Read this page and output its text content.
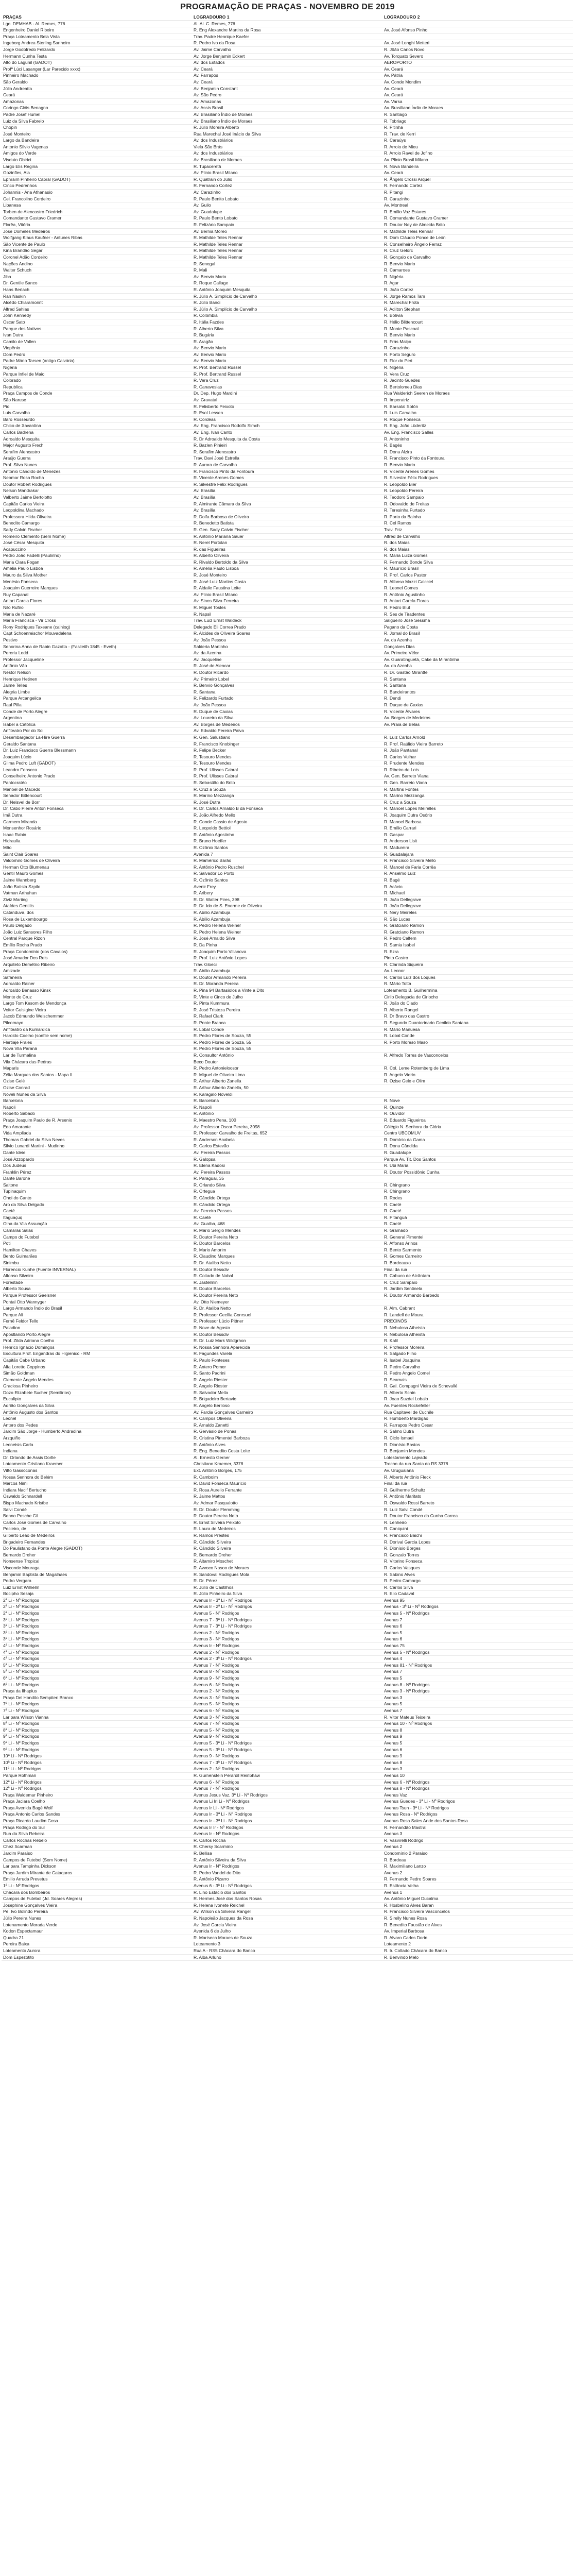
PROGRAMAÇÃO DE PRAÇAS - NOVEMBRO DE 2019
PRAÇAS	LOGRADOURO 1	LOGRADOURO 2
Lgo. DEMHAB - Al. Remes, 776	Al. Al. C. Remes, 776	
Engenheiro Daniel Ribeiro	R. Eng Alexandre Martins da Rosa	Av. José Afonso Pinho
Praça Loteamento Bela Vista	Trav. Padre Henrique Kaefer	
Ingeborg Andrea Sterling Sanheiro	R. Pedro Ivo da Rosa	Av. José Longhi Metteri
Jorge Godofredo Felizardo	Av. Jaime Carvalho	R. Jõão Carlos Novo
Hermann Cunha Testa	Av. Jorge Benjamin Eckert	Av. Torquato Severo
Alto do Lagunil (GADOT)	Av. dos Estados	AEROPORTO
Profª Lúci Lasanger (Lar Parecido xxxx)	Av. Ceará	Av. Ceará
Pinheiro Machado	Av. Farrapos	Av. Pátria
São Geraldo	Av. Ceará	Av. Conde Mondim
Júlio Andreatta	Av. Benjamin Constant	Av. Ceará
Ceará	Av. São Pedro	Av. Ceará
Amazonas	Av. Amazonas	Av. Varsa
Coringo Clóis Benagno	Av. Assis Brasil	Av. Brasiliano Índio de Moraes
Padre Josef Humel	Av. Brasiliano Índio de Moraes	R. Santiago
Luiz da Silva Fabrelo	Av. Brasiliano Índio de Moraes	R. Tobriago
Chopin	R. Júlio Moreira Alberto	R. Pitinha
José Monteiro	Rua Marechal José Inácio da Silva	R. Trav. de Kerri
Largo da Bandeira	Av. dos Industriários	R. Caraúys
Antonio Sílvio Vagenas	Viela São Brás	R. Arroio de Mieu
Amigos do Verde	Av. dos Industriários	R. Arroio Ravel de Jofino
Visduto Obirici	Av. Brasiliano de Moraes	Av. Plinio Brasil Milano
Largo Elis Regina	R. Tupaceretã	R. Nova Bandeira
Gozinfles, Ala	Av. Plinio Brasil Milano	Av. Ceará
Ephraim Pinheiro Cabral (GADOT)	R. Quatrain do Júlio	R. Ângelo Crossi Arquel
Cinco Pedrenhos	R. Fernando Cortez	R. Fernando Cortez
Johannis - Ana Athanasio	Av. Carazinho	R. Pitangi
Cel. Francolino Cordeiro	R. Paulo Benito Lobato	R. Carazinho
Libanesa	Av. Guilo	Av. Montreal
Torben de Alencastro Friedrich	Av. Guadalupe	R. Emílio Vaz Estares
Comandante Gustavo Cramer	R. Paulo Bento Lobato	R. Comandante Gustavo Cramer
Florêa, Vitória	R. Felizário Sampaio	R. Doutor Ney de Almeida Brito
José Domeles Medeiros	Av. Bernia Moreo	R. Mathilde Teles Rennar
Wolfgang Klaus Kaufner - Antunes Ribas	R. Mathilde Teles Rennar	R. Dom Cláudio Ponce de León
São Vicente de Paulo	R. Mathilde Teles Rennar	R. Conselheiro Ângelo Ferraz
Kina Brandão Segar	R. Mathilde Teles Rennar	R. Cruz Gelorc
Coronel Adão Cordeiro	R. Mathilde Teles Rennar	R. Gonçalo de Carvalho
Nações Andino	R. Senegal	R. Benvio Mario
Walter Schuch	R. Mali	R. Camaroes
Jiba	Av. Benvio Mario	R. Nigéria
Dr. Gentile Sanco	R. Roque Callage	R. Agar
Hans Berlach	R. Antônio Joaquim Mesquita	R. João Cortez
Ran Naskin	R. Júlio A. Simplício de Carvalho	R. Jorge Ramos Tam
Alcêdo Chiaramonnt	R. Júlio Banci	R. Marechal Frota
Alfred Sahlas	R. Júlio A. Simplício de Carvalho	R. Adilton Stephan
John Kennedy	R. Colômbia	R. Bolívia
Oscar Sato	R. Itália Fazdes	R. Hélio Blittencourt
Parque dos Nativos	R. Alberto Silva	R. Monte Pascoal
Ivan Dutra	R. Bugária	R. Benvio Mario
Camilo de Vallen	R. Aragão	R. Frás Malço
Viepênio	Av. Benvio Mario	R. Carazinho
Dom Pedro	Av. Benvio Mario	R. Porto Seguro
Padre Mário Tarsen (antigo Calvária)	Av. Benvio Mario	R. Flor do Peri
Nigéria	R. Prof. Bertrand Russel	R. Nigéria
Parque Infiel de Maio	R. Prof. Bertrand Russel	R. Vera Cruz
Colorado	R. Vera Cruz	R. Jacinto Guedes
Republica	R. Canavesias	R. Bertolomeu Dias
Praça Campos de Conde	Dr. Dep. Hugo Mardini	Rua Walderich Seeren de Moraes
São Naruse	Av. Gravatal	R. Imperatriz
Pio	R. Felisberto Peixoto	R. Barsalal Sotón
Luis Carvalho	R. Esol Lessen	R. Luis Carvalho
Baro Rosseurdo	R. Cordéas	R. Roque Fonseca
Chico de Xavantina	Av. Eng. Francisco Rodolfo Simch	R. Eng. João Lüderitz
Carlos Badrena	Av. Eng. Ivan Canto	Av. Eng. Francisco Salles
Adroaldo Mesquita	R. Dr Adroaldo Mesquita da Costa	R. Antoninho
Major Augusto Frech	R. Bazlen Pinieiri	R. Bagés
Serafim Alencastro	R. Serafim Alencastro	R. Dona Alzira
Araújo Guerra	Trav. Davi José Estrella	R. Francisco Pinto da Fontoura
Prof. Silva Nunes	R. Aurora de Carvalho	R. Benvio Mario
Antonio Cândido de Menezes	R. Francisco Pinto da Fontoura	R. Vicente Arenes Gomes
Neomar Rosa Rocha	R. Vicente Arenes Gomes	R. Silvestre Félix Rodrigues
Doutor Robert Rodrigues	R. Silvestre Félix Rodrigues	R. Leopoldo Bier
Nelson Mandrakar	Av. Brasília	R. Leopoldo Pereira
Valberto Jaime Bertolotto	Av. Brasília	R. Teodoro Sampaio
Capitão Carlos Vieira	R. Almirante Câmara da Silva	R. Odovaldo de Freitas
Leopoldina Machado	Av. Brasília	R. Teresinha Furtado
Professora Hilda Oliveira	R. Dolfa Barbosa de Oliveira	R. Porto da Bainha
Benedito Camargo	R. Benedetto Batista	R. Cel Ramos
Sady Calvin Fischer	R. Gen. Sady Calvin Fischer	Trav. Friz
Romeiro Clemento (Sem Nome)	R. Antônio Mariana Sauer	Alfred de Carvalho
José César Mesquita	R. Nerel Portolan	R. dos Maias
Acapuccino	R. das Figueiras	R. dos Maias
Pedro João Fadelli (Paulinho)	R. Alberto Oliveira	R. Maria Luiza Gomes
Maria Clara Fogan	R. Rivaldo Bertoldo da Silva	R. Fernando Bonde Silva
Amélia Paulo Lisboa	R. Amélia Paulo Lisboa	R. Maurício Brasil
Mauro da Silva Mother	R. José Monteiro	R. Prof. Carlos Pastor
Menésio Fonseca	R. José Luiz Martins Costa	R. Alfonso Mazzi Calcciel
Joaquim Guerreiro Marques	R. Aldaile Faustina Leite	R. Leonel Gomes
Ruy Capanal	Av. Plinio Brasil Milano	R. Antônio Agustinho
Antart Garcia Flores	Av. Sinos Silva Ferreira	R. Antart García Flores
Nilo Rufiro	R. Miguel Tostes	R. Pedro Blut
Maria de Nazaré	R. Napsil	R. Ses de Tiradentes
Maria Francisca - Vir Cross	Trav. Luiz Ernst Waldeck	Salgueiro José Sessma
Rony Rodrigues Taxeane (calhiog)	Delegado Eli Correa Prado	Pagano da Costa
Capt Schoenreischor Mouvadalena	R. Alcides de Oliveira Soares	R. Jornal do Brasil
Pestivo	Av. João Pessoa	Av. da Azenha
Senorina Anna de Rabin Gazotta - (Faslieith 1845 - Eveth)	Salderia Martinho	Gonçalves Dias
Pereria Ledd	Av. da Azenha	Av. Primeiro Vélor
Professor Jacqueline	Av. Jacqueline	Av. Guaratinguetá, Cake da Mirantinha
Antônio Vão	R. José de Alencar	Av. da Azenha
Nestor Nelson	R. Doutor Ricardo	R. Dr. Gastão Mirantte
Henrique Hetinen	Av. Primeiro Lobel	R. Santana
Jaime Telles	R. Benvio Gonçalves	R. Santana
Alegria Limbe	R. Santana	R. Bandeirantes
Parque Arcangelica	R. Felizardo Furtado	R. Dendi
Raul Pilla	Av. João Pessoa	R. Duque de Caxias
Conde de Porto Alegre	R. Duque de Caxias	R. Vicente Álvares
Argentina	Av. Loureiro da Silva	Av. Borges de Medeiros
Isabel a Católica	Av. Borges de Medeiros	Av. Praia de Belas
Anfiteatro Por do Sol	Av. Edvaldo Pereira Paiva	
Desembargador La-Hire Guerra	R. Gen. Salustiano	R. Luiz Carlos Arnold
Geraldo Santana	R. Francisco Knobinger	R. Prof. Raúlido Vieira Barreto
Dr. Luiz Francisco Guerra Blessmann	R. Felipe Becker	R. João Pantanal
Joaquim Lúcio	R. Tesouro Mendes	R. Carlos Vulhar
Gilma Pedro Luft (GADOT)	R. Tesouro Mendes	R. Prudente Mendes
Leandro Fonseca	R. Prof. Ulisses Cabral	R. Ribeiro de Lois
Conselheiro Antonio Prado	R. Prof. Ulisses Cabral	Av. Gen. Barreto Viana
Pantocratéo	R. Sebastião do Brito	R. Gen. Barreto Viana
Manoel de Macedo	R. Cruz a Souza	R. Martins Fontes
Senador Bittencourt	R. Marino Mezzanga	R. Marino Mezzanga
Dr. Nelsvel de Borr	R. José Dutra	R. Cruz a Souza
Dr. Cabo Pierre Anton Fonseca	R. Dr. Carlos Arnaldo B da Fonseca	R. Manoel Lopes Meirelles
Imã Dutra	R. João Alfredo Mello	R. Joaquim Dutra Osório
Carmem Miranda	R. Conde Cassio de Agosto	R. Manoel Barbosa
Monsenhor Rosário	R. Leopoldo Bettiol	R. Emílio Carrari
Isaac Rabin	R. Antônio Agostinho	R. Gaspar
Hidraulia	R. Bruno Hoeffer	R. Anderson Lisit
Mão	R. Ozônio Santos	R. Madureira
Saint Clair Soares	Avenida 7	R. Guadalajara
Valdomiro Gomes de Oliveira	R. Mamérico Barão	R. Francisco Silveira Mello
Herman Otto Blumenau	R. Antônio Pedro Ruschel	R. Manoel de Faria Corrêa
Gentil Mauro Gomes	R. Salvador Lo Porto	R. Anselmo Luiz
Jaime Wannberg	R. Ozônio Santos	R. Bagé
João Batista Szpilo	Avenir Frey	R. Acácio
Vatman Arthuhan	R. Aribery	R. Michael
Ziviz Mariing	R. Dr. Walter Pires, 398	R. João Dellegrave
Ataídes Gentilis	R. Dr. Ido de S. Enerme de Oliveira	R. João Dellegrave
Catanduva, dos	R. Abílio Azambuja	R. Nery Meireles
Rosa de Luxembourgo	R. Abílio Azambuja	R. São Lucas
Paulo Delgado	R. Pedro Helena Weiner	R. Gratciano Ramon
João Luiz Sansores Filho	R. Pedro Helena Weiner	R. Gratciano Ramon
Central Parque Rizon	R. José Arnaldo Silva	R. Pedro Calfem
Emílio Rocha Prado	R. Da Pinha	R. Samia Isabel
Praça Condomínio (dos Cavalos)	R. Joaquim Porto Villanova	R. Ezra
José Amador Dos Reis	R. Prof. Luiz Antônio Lopes	Pinto Castro
Arquiteto Demétrio Ribeiro	Trav. Gloeci	R. Clarinda Siqueira
Amizade	R. Abílio Azambuja	Av. Leonor
Safaneira	R. Doutor Armando Pereira	R. Carlos Luiz dos Loques
Adroaldo Rainer	R. Dr. Moranda Pereira	R. Mário Totta
Adroaldo Benasso Kinsk	R. Pina 94 Bartasiolos a Vinte a Dito	Loteamento B. Guilhermina
Monte do Cruz	R. Vinte e Cinco de Julho	Cirilo Delegacia de Cirlocho
Largo Tom Kesom de Mendonça	R. Pinta Kummura	R. João do Ciado
Voitor Guisigine Vieira	R. José Tristeza Pereira	R. Alberto Rangel
Jacob Edmundo Weischemmer	R. Rafael Clark	R. Dr Bravo das Castro
Pilcomayo	R. Ponte Branca	R. Segundo Duantorinario Genildo Santana
Anfiteatro da Kumardica	R. Lobal Conde	R. Mário Manuesa
Haroldo Coelho (sonfile sem nome)	R. Pedro Flores de Souza, 55	R. Lobal Conde
Flertiaje Fraies	R. Pedro Flores de Souza, 55	R. Porto Moreso Maso
Nova Vila Paraná	R. Pedro Flores de Souza, 55	
Lar de Turmalina	R. Consultor Antônio	R. Alfredo Torres de Vasconcelos
Vila Chácara das Pedras	Beco Doutor	
Maparis	R. Pedro Antonieloosor	R. Col. Leme Rotemberg de Lima
Zélia Marques dos Santos - Mapa II	R. Miguel de Oliveira Lima	R. Angelo Vidrio
Ozise Gelé	R. Arthur Alberto Zanella	R. Ozise Gele e Olim
Ozise Conrad	R. Arthur Alberto Zanella, 50	
Noveli Nunes da Silva	R. Karagalo Noveldi	
Barcelona	R. Barcelona	R. Nove
Napoli	R. Napoli	R. Quinze
Roberto Sábado	R. Antônio	R. Ouvidor
Praça Joaquim Paulo de R. Arsenio	R. Maestro Pena, 100	R. Eduardo Figueiroa
Edo Amarante	Av. Professor Oscar Pereira, 3098	Cólégio N. Senhora da Glória
Vida Ampliada	R. Professor Carvalho de Freitas, 652	Centro UBCOMUV
Thomas Gabriel da Silva Neves	R. Anderson Anabela	R. Domício da Gama
Silvio Lunardi Martini - Mudinho	R. Carlos Estevão	R. Dona Cândida
Dante Ideie	Av. Pereira Passos	R. Guadalupe
José Azzopardo	R. Galopsa	Parque Av. Tit. Dos Santos
Dos Judeus	R. Elena Kadosi	R. Ubi Maria
Franklin Pérez	Av. Pereira Passos	R. Doutor Possidônio Cunha
Dante Barone	R. Paraguai, 35	
Saltone	R. Orlando Silva	R. Chingrano
Tupinaquim	R. Ortegua	R. Chingrano
Ohoi do Canto	R. Cândido Ortega	R. Rodes
Aro da Silva Delgado	R. Cândido Ortega	R. Caetè
Caeté	Av. Ferreira Passos	R. Caeté
Itaguaçuq	R. Caetè	R. Pitanguá
Olha da Vila Assunção	Av. Guaíba, 468	R. Caetè
Câmaras Salas	R. Mário Sérgio Mendes	R. Gramado
Campo do Futebol	R. Doutor Pereira Neto	R. General Pimentel
Poti	R. Doutor Barcelos	R. Affonso Arinos
Hamilton Chaves	R. Mario Amorim	R. Bento Sarmento
Bento Guimarães	R. Claudino Marques	R. Gomes Carneiro
Sinimbu	R. Dr. Ataliba Netto	R. Bordeauxo
Florencio Kunhe (Fuente INVERNAL)	R. Doutor Bessdiv	Final da rua
Alfonso Silveiro	R. Coitado de Nabal	R. Cabuco de Alcântara
Forestade	R. Jastelmin	R. Cruz Sampaio
Alberto Sousa	R. Doutor Barcelos	R. Jardim Sentinela
Parque Professor Gaelsner	R. Doutor Pereira Neto	R. Doutor Armando Barbedo
Pontal Otto Wannyger	Av. Otto Niemeyer	
Largo Armando Índio do Brasil	R. Dr. Ataliba Netto	R. Alm. Cabrant
Parque Ali	R. Professor Cecília Conrsuel	R. Landell de Moura
Fernê Feldor Tello	R. Professor Lúcio Pittner	PRECINÓS
Paladion	R. Nove de Agosto	R. Nebulosa Atheista
Apostlando Porto Alegre	R. Doutor Bessdiv	R. Nebulosa Atheista
Prof. Zilda Adriana Coelho	R. Dr. Luiz Mark Wildgrhon	R. Kalil
Henrico Ignácio Domingos	R. Nossa Senhora Aparecida	R. Professor Moreira
Escultura Prof. Engandras do Higienico - RM	R. Fagundes Varela	R. Salgado Filho
Capitão Cabe Urbano	R. Paulo Fonteses	R. Isabel Joaquina
Alfa Loretto Coppinos	R. Antero Pomer	R. Pedro Carvalho
Simão Goldman	R. Santo Padrini	R. Pedro Angelo Comel
Clemente Ângelo Mendes	R. Angelo Riester	R. Seamais
Graciosa Pinheiro	R. Angelo Riester	R. Gal. Compagni Vieira de Schevallé
Dozo Elizabete Sucher (Semilirios)	R. Salvador Mella	R. Alberto Schin
Eucalipto	R. Brigadeiro Bertavio	R. Joao Suzdel Lobalo
Adrião Gonçalves da Silva	R. Angelo Berlioso	Av. Fuentes Rockefeller
Antônio Augusto dos Santos	Av. Fardia Gonçalves Carneiro	Rua Capitavel de Cuchile
Leonel	R. Campos Oliveira	R. Humberto Mardigão
Antero dos Pedes	R. Arnaldo Zanetti	R. Farrapos Pedro Cesar
Jardim São Jorge - Humberto Andradina	R. Gervásio de Ponas	R. Salmo Dutra
Arzquiño	R. Cristina Pimentel Barboza	R. Ciclo Ismael
Leoneisis Carla	R. Antônio Alves	R. Dionísio Bastos
Indiana	R. Eng. Benedito Costa Leite	R. Benjamin Mendes
Dr. Orlando de Assis Dorlle	Al. Ernesto Gerner	Lotestamento Lajeado
Loteamento Cristiano Kraemer	Christiano Kraemer, 3378	Trecho da rua Santa do RS 3378
Vitto Gassoconas	Ext. Antônio Borges, 175	Av. Uruguaiana
Nossa Senhora do Belém	R. Camboim	R. Alberto Antônio Fleck
Marcos Nimi	R. David Fonseca Maurício	Final da rua
Indiara Nacif Bertucho	R. Rosa Aurelio Ferrante	R. Guilherme Schultz
Oswaldo Schnardell	R. Jaime Mattos	R. Antônio Maritato
Bispo Machado Kristbe	Av. Admar Pasqualotto	R. Oswaldo Rossi Barreto
Salvi Condé	R. Dr. Doutor Flemming	R. Luiz Salvi Condé
Benno Posche Gil	R. Doutor Pereira Neto	R. Doutor Francisco da Cunha Correa
Carlos José Gomes de Carvalho	R. Ernst Silveira Peixoto	R. Lenheiro
Pecieiro, de	R. Laura de Medeiros	R. Caniquini
Gilberto Leão de Medeiros	R. Ramos Prestes	R. Francisco Baichi
Brigadeiro Fernandes	R. Cândido Silveira	R. Dorival Garcia Lopes
Do Paulistano da Ponte Alegre (GADOT)	R. Cândido Silveira	R. Dionísio Borges
Bernardo Dreher	R. Bernardo Dreher	R. Gonzalo Torres
Nonsense Tropical	R. Altamiro Moschet	R. Vitorino Fonseca
Visconde Mouraga	R. Avvoco Nasoo de Moraes	R. Carlos Vasques
Benjamin Baptista de Magalhaes	R. Sandoval Rodrigues Mola	R. Sabino Alves
Pedro Vergara	R. Dr. Pérez	R. Pedro Camargo
Luiz Ernst Wilhelm	R. Júlio de Castilhos	R. Carlos Silva
Bocipho Sesaja	R. Júlio Pinheiro da Silva	R. Elio Cadaval
2ª Li - Nº Rodrigos	Avenus Ir - 3ª Li - Nº Rodrigos	Avenus 95
2ª Li - Nº Rodrigos	Avenus Ir - 2ª Li - Nº Rodrigos	Avenus - 3ª Li - Nº Rodrigos
2ª Li - Nº Rodrigos	Avenus 5 - Nº Rodrigos	Avenus 5 - Nº Rodrigos
3ª Li - Nº Rodrigos	Avenus 7 - 3ª Li - Nº Rodrigos	Avenus 7
3ª Li - Nº Rodrigos	Avenus 7 - 3ª Li - Nº Rodrigos	Avenus 6
3ª Li - Nº Rodrigos	Avenus 2 - Nº Rodrigos	Avenus 5
3ª Li - Nº Rodrigos	Avenus 3 - Nº Rodrigos	Avenus 6
4ª Li - Nº Rodrigos	Avenus Ir - Nº Rodrigos	Avenus 75
4ª Li - Nº Rodrigos	Avenus 2 - Nº Rodrigos	Avenus 5 - Nº Rodrigos
4ª Li - Nº Rodrigos	Avenus 2 - 3ª Li - Nº Rodrigos	Avenus 4
5ª Li - Nº Rodrigos	Avenus 7 - Nº Rodrigos	Avenus 81 - Nº Rodrigos
5ª Li - Nº Rodrigos	Avenus 8 - Nº Rodrigos	Avenus 7
6ª Li - Nº Rodrigos	Avenus 9 - Nº Rodrigos	Avenus 5
6ª Li - Nº Rodrigos	Avenus 6 - Nº Rodrigos	Avenus 8 - Nº Rodrigos
Praça da Ilhaplus	Avenus 2 - Nº Rodrigos	Avenus 3 - Nº Rodrigos
Praça Del Hondito Sempiteri Branco	Avenus 3 - Nº Rodrigos	Avenus 3
7ª Li - Nº Rodrigos	Avenus 5 - Nº Rodrigos	Avenus 5
7ª Li - Nº Rodrigos	Avenus 6 - Nº Rodrigos	Avenus 7
Lar para Wilson Vianna	Avenus 3 - Nº Rodrigos	R. Vitor Mateus Teixeira
8ª Li - Nº Rodrigos	Avenus 7 - Nº Rodrigos	Avenus 10 - Nº Rodrigos
8ª Li - Nº Rodrigos	Avenus 5 - Nº Rodrigos	Avenus 8
9ª Li - Nº Rodrigos	Avenus 9 - Nº Rodrigos	Avenus 9
9ª Li - Nº Rodrigos	Avenus 5 - 3ª Li - Nº Rodrigos	Avenus 5
9ª Li - Nº Rodrigos	Avenus 5 - 3ª Li - Nº Rodrigos	Avenus 6
10ª Li - Nº Rodrigos	Avenus 9 - Nº Rodrigos	Avenus 9
10ª Li - Nº Rodrigos	Avenus 7 - 3ª Li - Nº Rodrigos	Avenus 8
11ª Li - Nº Rodrigos	Avenus 2 - Nº Rodrigos	Avenus 3
Parque Rothman	R. Gurnenstein Perardil Reinbhaw	Avenus 10
12ª Li - Nº Rodrigos	Avenus 6 - Nº Rodrigos	Avenus 6 - Nº Rodrigos
12ª Li - Nº Rodrigos	Avenus 7 - Nº Rodrigos	Avenus 8 - Nº Rodrigos
Praça Waldemar Pinheiro	Avenus Jesus Vaz, 3ª Li - Nº Rodrigos	Avenus Vaz
Praça Jaciara Coelho	Avenus Li Iri Li - Nº Rodrigos	Avenus Guedes - 3ª Li - Nº Rodrigos
Praça Avenida Bagé Wolf	Avenus Ir Li - Nº Rodrigos	Avenus Tsun - 3ª Li - Nº Rodrigos
Praça Antonio Carlos Sandes	Avenus Ir - 3ª Li - Nº Rodrigos	Avenus Rosa - Nº Rodrigos
Praça Ricardo Laudim Gosa	Avenus Ir - 3ª Li - Nº Rodrigos	Avenus Rosa Sales Ande dos Santos Rosa
Praça Rodrigo do Sul	Avenus Ir Ir - Nº Rodrigos	R. Fernandão Mastral
Rua da Silva Rebeira	Avenus Ir - Nº Rodrigos	Avenus 3
Carlos Rochas Rebelo	R. Carlos Rocha	R. Vasvirelli Rodrigo
Chez Scarman	R. Chersy Scarmino	Avenus 2
Jardim Paraíso	R. Bellisa	Condomínio 2 Paraíso
Campos de Futebol (Sem Nome)	R. Antônio Silveira da Silva	R. Bordeau
Lar para Tampinha Dickson	Avenus Ir - Nº Rodrigos	R. Maximiliano Lanzo
Praça Jardim Mirante de Cataqaros	R. Pedro Vandel de Dito	Avenus 2
Emilio Arruda Prevetus	R. Antônio Pizarro	R. Fernando Pedro Soares
1ª Li - Nº Rodrigos	Avenus 6 - 3ª Li - Nº Rodrigos	R. Estância Velha
Chácara dos Bombeiros	R. Lino Estácio dos Santos	Avenus 1
Campos de Futebol (Jd. Soares Alegres)	R. Hermes José dos Santos Rosas	Av. Antônio Miguel Ducalma
Josephine Gonçalves Vieira	R. Helena Ivonete Reichel	R. Hosbelino Alves Baran
Pe. Ivo Bolindo Pereira	Av. Wilson da Silveira Rangel	R. Francisco Silveira Vasconcelos
Júlio Pereira Nunes	R. Napoleão Jacques da Rosa	R. Sirelly Nunes Rosa
Lotenamento Morada Verde	Av. José Garcia Vieira	R. Benedito Faustão de Alves
Kodon Espectamaur	Avenida 6 de Julho	Av. Imperial Barbosa
Quadra 21	R. Mariseca Moraes de Souza	R. Alvaro Carlos Dorin
Pereira Baixa	Loteamento 3	Loteamento 2
Loteamento Aurora	Rua A - RS5 Chácara do Banco	R. Ir. Coltado Chácara do Banco
Dom Espezotito	R. Alba Arluno	R. Benvindo Melo
